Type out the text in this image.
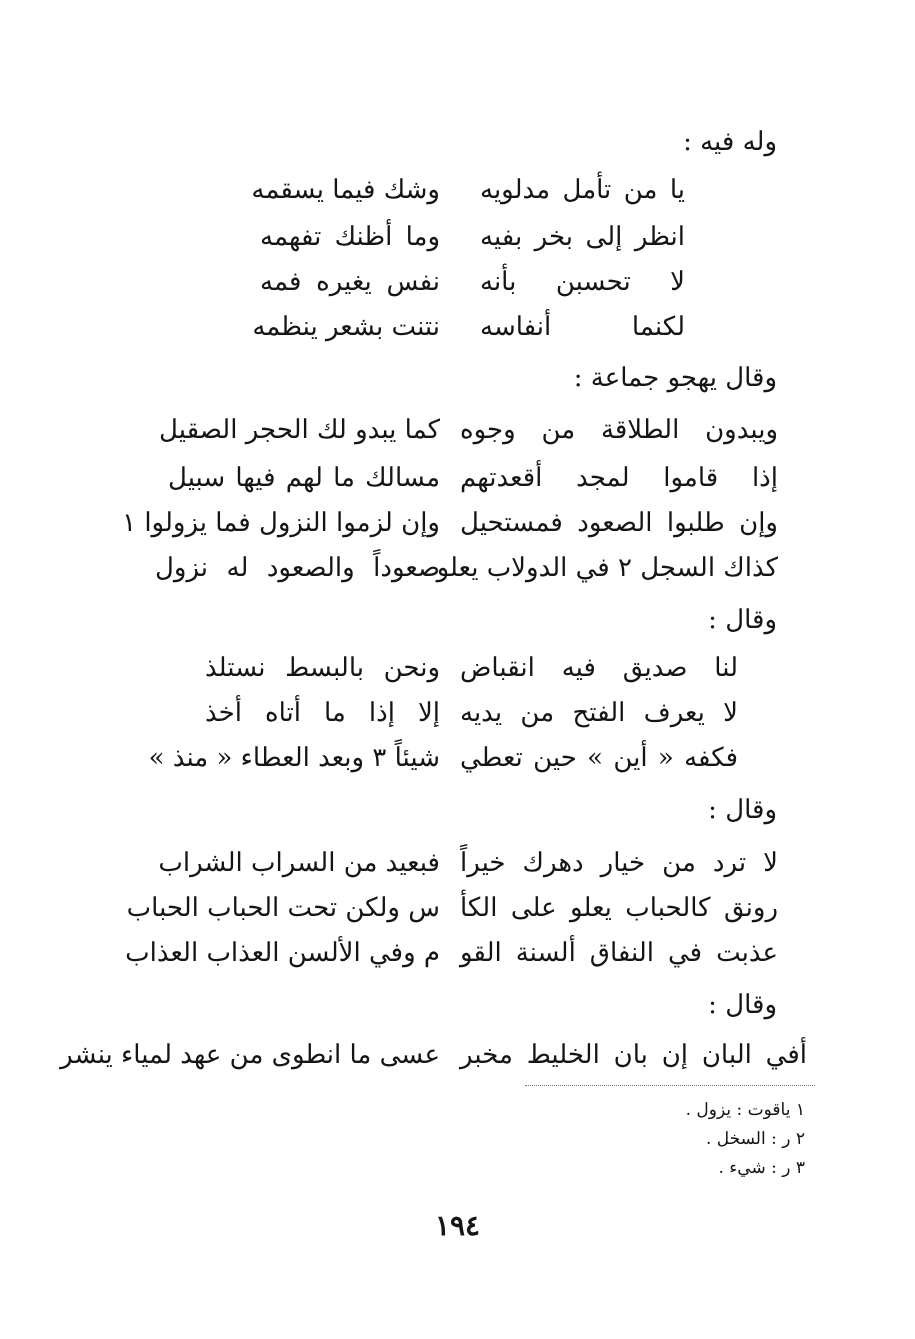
وله فيه :
يا من تأمل مدلويه
وشك فيما يسقمه
انظر إلى بخر بفيه
وما أظنك تفهمه
لا تحسبن بأنه
نفس يغيره فمه
لكنما أنفاسه
نتنت بشعر ينظمه
وقال يهجو جماعة :
ويبدون الطلاقة من وجوه
كما يبدو لك الحجر الصقيل
إذا قاموا لمجد أقعدتهم
مسالك ما لهم فيها سبيل
وإن طلبوا الصعود فمستحيل
وإن لزموا النزول فما يزولوا ١
كذاك السجل ٢ في الدولاب يعلو
صعوداً والصعود له نزول
وقال :
لنا صديق فيه انقباض
ونحن بالبسط نستلذ
لا يعرف الفتح من يديه
إلا إذا ما أتاه أخذ
فكفه « أين » حين تعطي
شيئاً ٣ وبعد العطاء « منذ »
وقال :
لا ترد من خيار دهرك خيراً
فبعيد من السراب الشراب
رونق كالحباب يعلو على الكأ
س ولكن تحت الحباب الحباب
عذبت في النفاق ألسنة القو
م وفي الألسن العذاب العذاب
وقال :
أفي البان إن بان الخليط مخبر
عسى ما انطوى من عهد لمياء ينشر
١ ياقوت : يزول .
٢ ر : السخل .
٣ ر : شيء .
١٩٤
